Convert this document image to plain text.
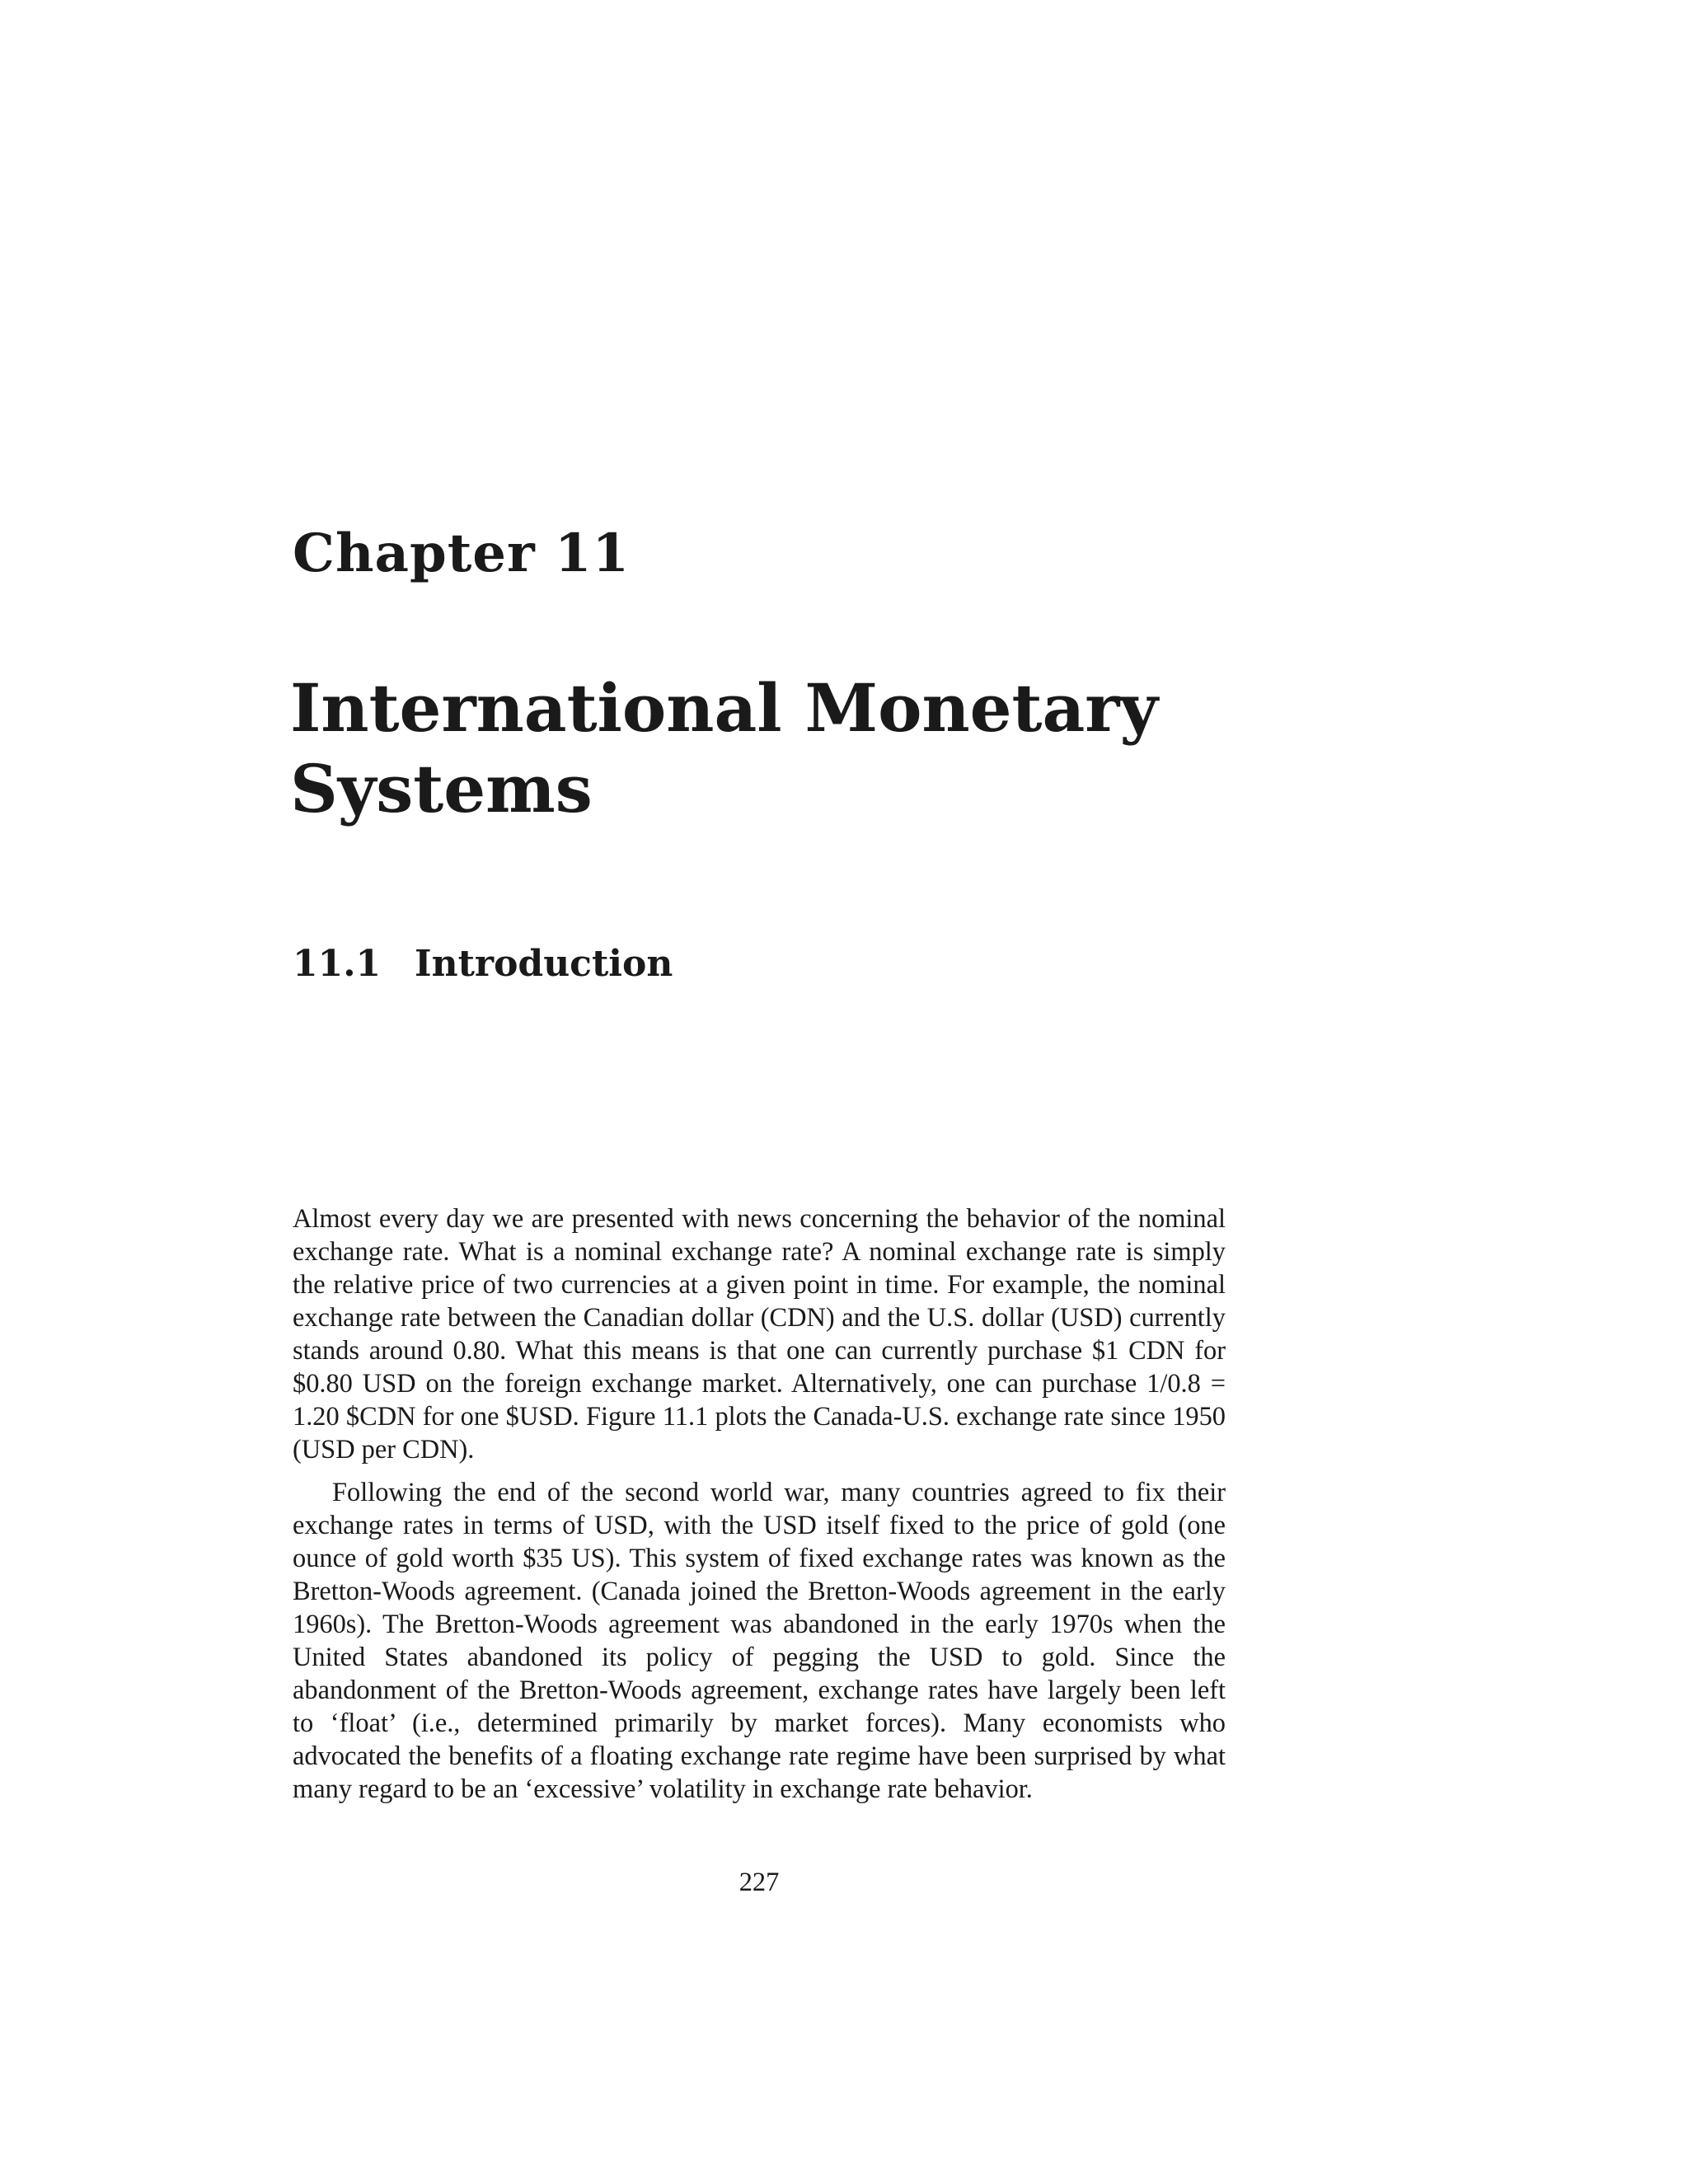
Chapter 11
International Monetary Systems
11.1 Introduction

Almost every day we are presented with news concerning the behavior of the nominal exchange rate. What is a nominal exchange rate? A nominal exchange rate is simply the relative price of two currencies at a given point in time. For example, the nominal exchange rate between the Canadian dollar (CDN) and the U.S. dollar (USD) currently stands around 0.80. What this means is that one can currently purchase $1 CDN for $0.80 USD on the foreign exchange market. Alternatively, one can purchase 1/0.8 = 1.20 $CDN for one $USD. Figure 11.1 plots the Canada-U.S. exchange rate since 1950 (USD per CDN).

Following the end of the second world war, many countries agreed to fix their exchange rates in terms of USD, with the USD itself fixed to the price of gold (one ounce of gold worth $35 US). This system of fixed exchange rates was known as the Bretton-Woods agreement. (Canada joined the Bretton-Woods agreement in the early 1960s). The Bretton-Woods agreement was abandoned in the early 1970s when the United States abandoned its policy of pegging the USD to gold. Since the abandonment of the Bretton-Woods agreement, exchange rates have largely been left to ‘float’ (i.e., determined primarily by market forces). Many economists who advocated the benefits of a floating exchange rate regime have been surprised by what many regard to be an ‘excessive’ volatility in exchange rate behavior.

227
